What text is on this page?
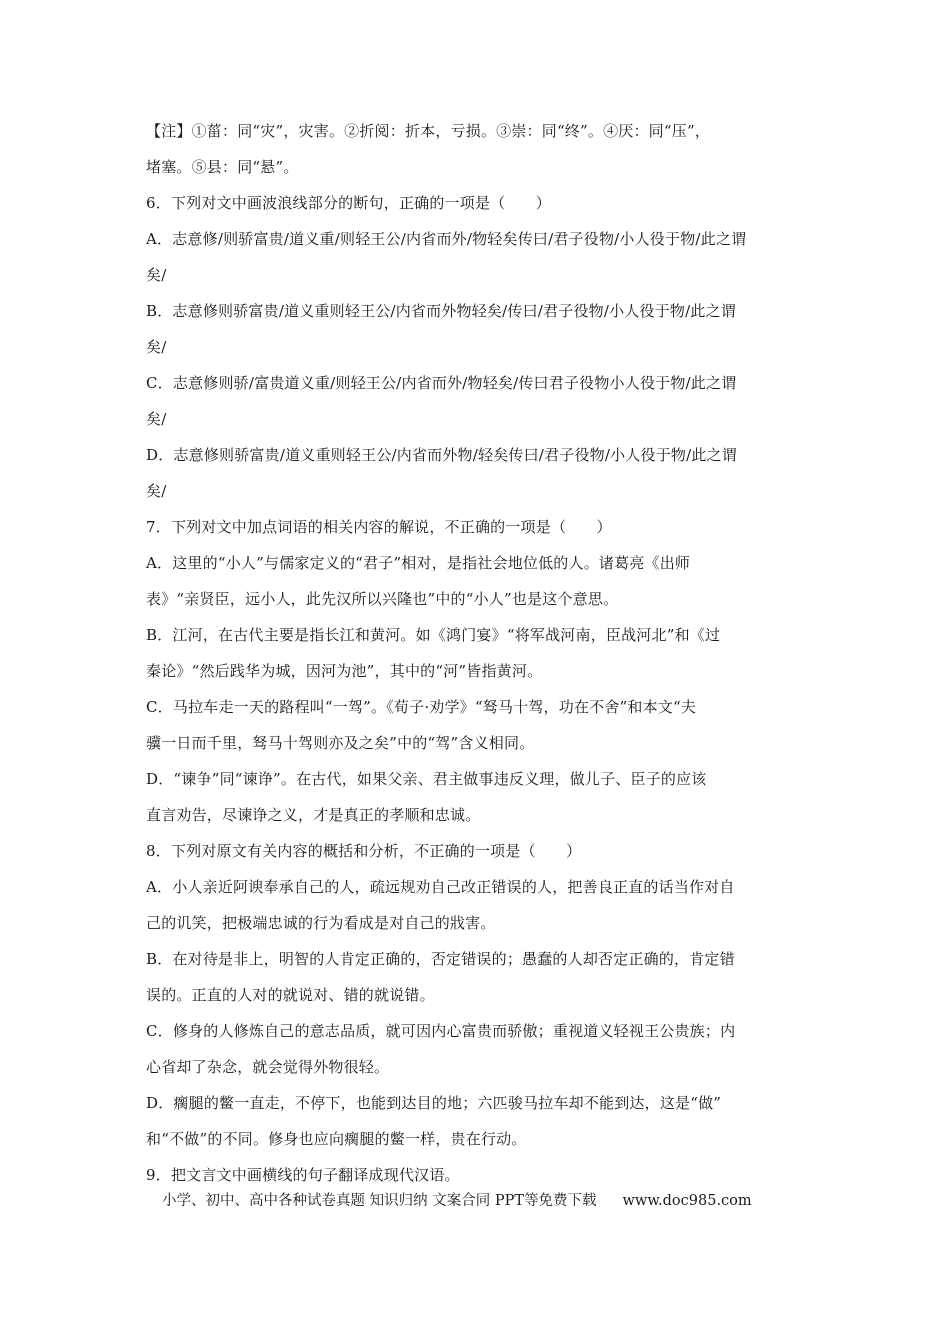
【注】①菑：同“灾”，灾害。②折阅：折本，亏损。③崇：同“终”。④厌：同“压”，
堵塞。⑤县：同“悬”。
6．下列对文中画波浪线部分的断句，正确的一项是（　　）
A．志意修/则骄富贵/道义重/则轻王公/内省而外/物轻矣传曰/君子役物/小人役于物/此之谓
矣/
B．志意修则骄富贵/道义重则轻王公/内省而外物轻矣/传曰/君子役物/小人役于物/此之谓
矣/
C．志意修则骄/富贵道义重/则轻王公/内省而外/物轻矣/传曰君子役物小人役于物/此之谓
矣/
D．志意修则骄富贵/道义重则轻王公/内省而外物/轻矣传曰/君子役物/小人役于物/此之谓
矣/
7．下列对文中加点词语的相关内容的解说，不正确的一项是（　　）
A．这里的“小人”与儒家定义的“君子”相对，是指社会地位低的人。诸葛亮《出师
表》“亲贤臣，远小人，此先汉所以兴隆也”中的“小人”也是这个意思。
B．江河，在古代主要是指长江和黄河。如《鸿门宴》“将军战河南，臣战河北”和《过
秦论》“然后践华为城，因河为池”，其中的“河”皆指黄河。
C．马拉车走一天的路程叫“一驾”。《荀子·劝学》“驽马十驾，功在不舍”和本文“夫
骥一日而千里，驽马十驾则亦及之矣”中的“驾”含义相同。
D．“谏争”同“谏诤”。在古代，如果父亲、君主做事违反义理，做儿子、臣子的应该
直言劝告，尽谏诤之义，才是真正的孝顺和忠诚。
8．下列对原文有关内容的概括和分析，不正确的一项是（　　）
A．小人亲近阿谀奉承自己的人，疏远规劝自己改正错误的人，把善良正直的话当作对自
己的讥笑，把极端忠诚的行为看成是对自己的戕害。
B．在对待是非上，明智的人肯定正确的，否定错误的；愚蠢的人却否定正确的，肯定错
误的。正直的人对的就说对、错的就说错。
C．修身的人修炼自己的意志品质，就可因内心富贵而骄傲；重视道义轻视王公贵族；内
心省却了杂念，就会觉得外物很轻。
D．瘸腿的鳖一直走，不停下，也能到达目的地；六匹骏马拉车却不能到达，这是“做”
和“不做”的不同。修身也应向瘸腿的鳖一样，贵在行动。
9．把文言文中画横线的句子翻译成现代汉语。
小学、初中、高中各种试卷真题 知识归纳 文案合同 PPT等免费下载 www.doc985.com
